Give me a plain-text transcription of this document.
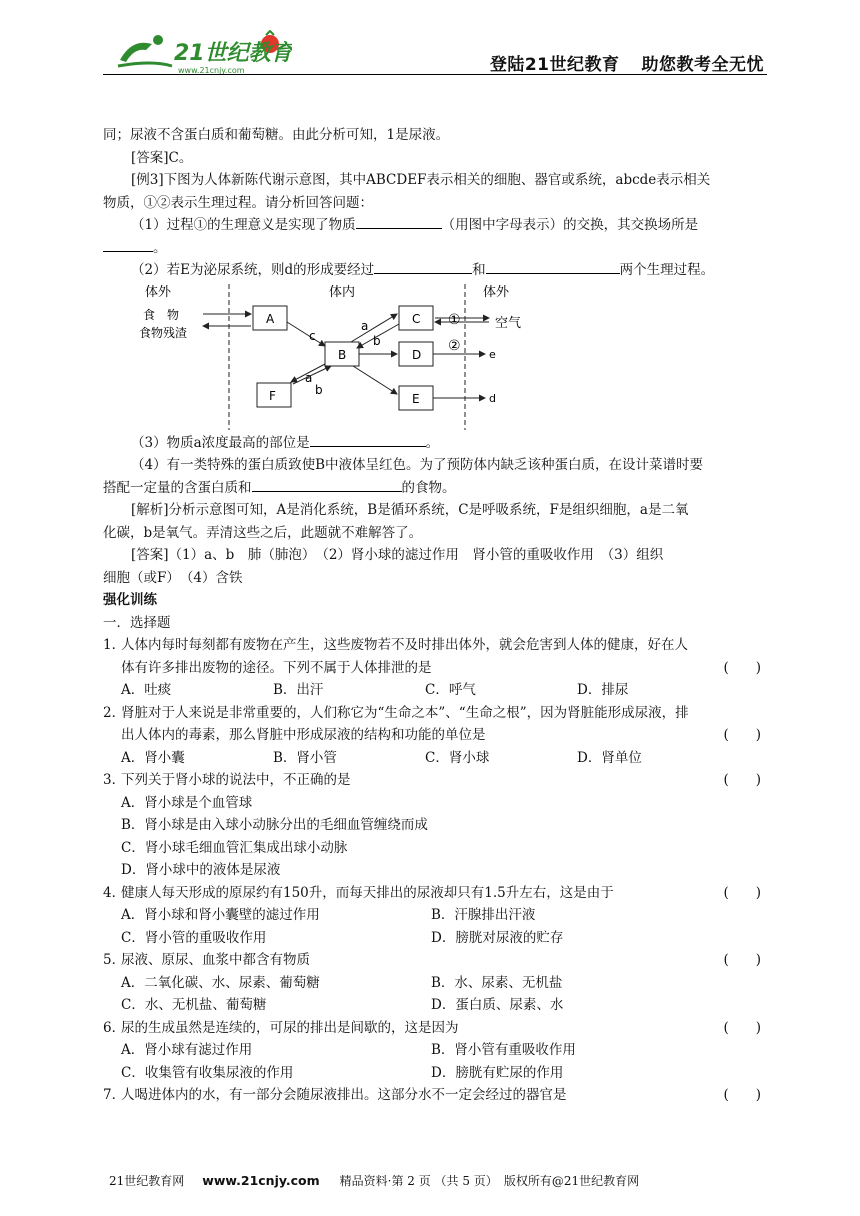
21世纪教育
www.21cnjy.com	登陆21世纪教育 助您教考全无忧

同；尿液不含蛋白质和葡萄糖。由此分析可知，1是尿液。

[答案]C。

[例3]下图为人体新陈代谢示意图，其中ABCDEF表示相关的细胞、器官或系统，abcde表示相关

物质，①②表示生理过程。请分析回答问题：

（1）过程①的生理意义是实现了物质	（用图中字母表示）的交换，其交换场所是

。

（2）若E为泌尿系统，则d的形成要经过	和	两个生理过程。

体外	体内	体外
食　物
食物残渣
空气
A
B
C
D
E
F
c
a
b
a
b
e
d
①
②

（3）物质a浓度最高的部位是	。

（4）有一类特殊的蛋白质致使B中液体呈红色。为了预防体内缺乏该种蛋白质，在设计菜谱时要

搭配一定量的含蛋白质和	的食物。

[解析]分析示意图可知，A是消化系统，B是循环系统，C是呼吸系统，F是组织细胞，a是二氧

化碳，b是氧气。弄清这些之后，此题就不难解答了。

[答案]（1）a、b　肺（肺泡）　（2）肾小球的滤过作用　肾小管的重吸收作用　（3）组织

细胞（或F）　（4）含铁

强化训练

一．选择题

1．
人体内每时每刻都有废物在产生，这些废物若不及时排出体外，就会危害到人体的健康，好在人
体有许多排出废物的途径。下列不属于人体排泄的是	(　　)
A．吐痰	B．出汗	C．呼气	D．排尿
2．
肾脏对于人来说是非常重要的，人们称它为“生命之本”、“生命之根”，因为肾脏能形成尿液，排
出人体内的毒素，那么肾脏中形成尿液的结构和功能的单位是	(　　)
A．肾小囊	B．肾小管	C．肾小球	D．肾单位
3．
下列关于肾小球的说法中，不正确的是	(　　)
A．肾小球是个血管球
B．肾小球是由入球小动脉分出的毛细血管缠绕而成
C．肾小球毛细血管汇集成出球小动脉
D．肾小球中的液体是尿液
4．
健康人每天形成的原尿约有150升，而每天排出的尿液却只有1.5升左右，这是由于	(　　)
A．肾小球和肾小囊壁的滤过作用	B．汗腺排出汗液
C．肾小管的重吸收作用	D．膀胱对尿液的贮存
5．
尿液、原尿、血浆中都含有物质	(　　)
A．二氧化碳、水、尿素、葡萄糖	B．水、尿素、无机盐
C．水、无机盐、葡萄糖	D．蛋白质、尿素、水
6．
尿的生成虽然是连续的，可尿的排出是间歇的，这是因为	(　　)
A．肾小球有滤过作用	B．肾小管有重吸收作用
C．收集管有收集尿液的作用	D．膀胱有贮尿的作用
7．
人喝进体内的水，有一部分会随尿液排出。这部分水不一定会经过的器官是	(　　)
21世纪教育网 www.21cnjy.com 精品资料·第 2 页 （共 5 页） 版权所有@21世纪教育网
